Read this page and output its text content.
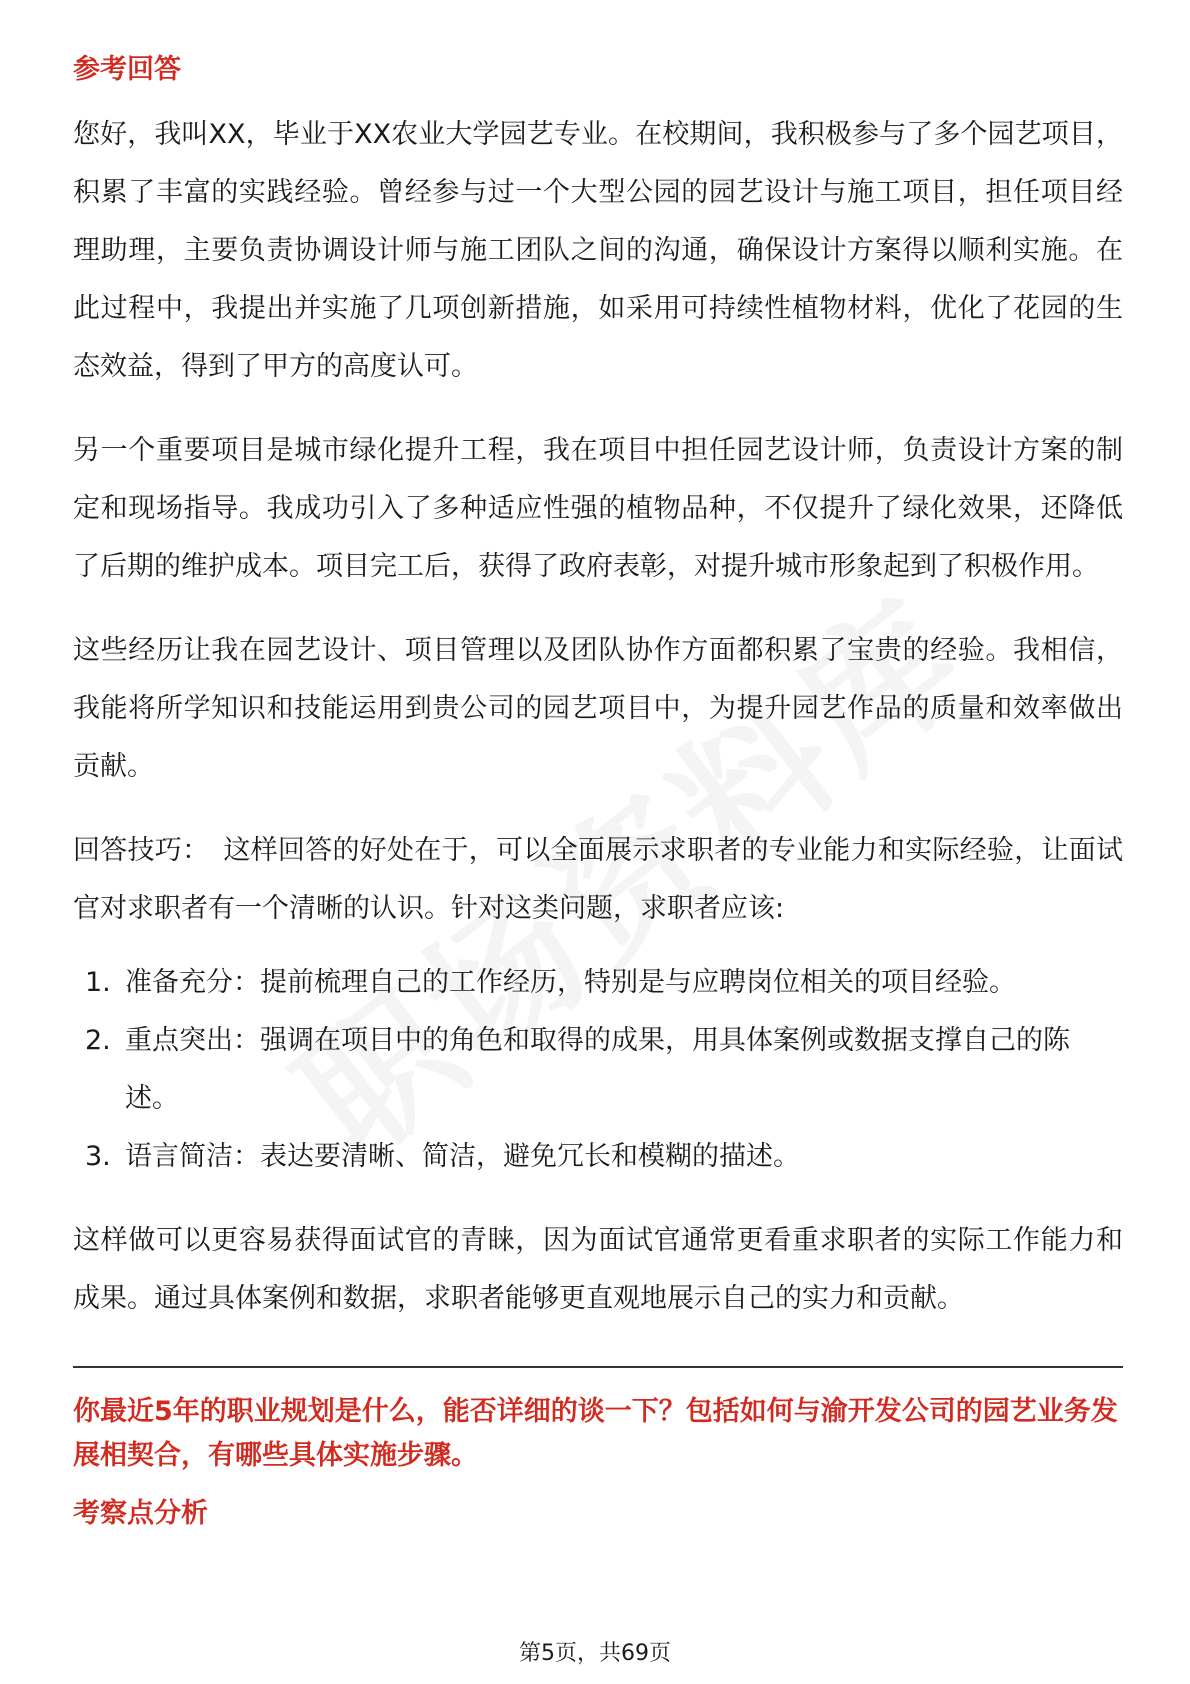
参考回答

您好，我叫XX，毕业于XX农业大学园艺专业。在校期间，我积极参与了多个园艺项目，积累了丰富的实践经验。曾经参与过一个大型公园的园艺设计与施工项目，担任项目经理助理，主要负责协调设计师与施工团队之间的沟通，确保设计方案得以顺利实施。在此过程中，我提出并实施了几项创新措施，如采用可持续性植物材料，优化了花园的生态效益，得到了甲方的高度认可。

另一个重要项目是城市绿化提升工程，我在项目中担任园艺设计师，负责设计方案的制定和现场指导。我成功引入了多种适应性强的植物品种，不仅提升了绿化效果，还降低了后期的维护成本。项目完工后，获得了政府表彰，对提升城市形象起到了积极作用。

这些经历让我在园艺设计、项目管理以及团队协作方面都积累了宝贵的经验。我相信，我能将所学知识和技能运用到贵公司的园艺项目中，为提升园艺作品的质量和效率做出贡献。

回答技巧： 这样回答的好处在于，可以全面展示求职者的专业能力和实际经验，让面试官对求职者有一个清晰的认识。针对这类问题，求职者应该:

1. 准备充分：提前梳理自己的工作经历，特别是与应聘岗位相关的项目经验。
2. 重点突出：强调在项目中的角色和取得的成果，用具体案例或数据支撑自己的陈述。
3. 语言简洁：表达要清晰、简洁，避免冗长和模糊的描述。

这样做可以更容易获得面试官的青睐，因为面试官通常更看重求职者的实际工作能力和成果。通过具体案例和数据，求职者能够更直观地展示自己的实力和贡献。

你最近5年的职业规划是什么，能否详细的谈一下？包括如何与渝开发公司的园艺业务发展相契合，有哪些具体实施步骤。

考察点分析
第5页，共69页
